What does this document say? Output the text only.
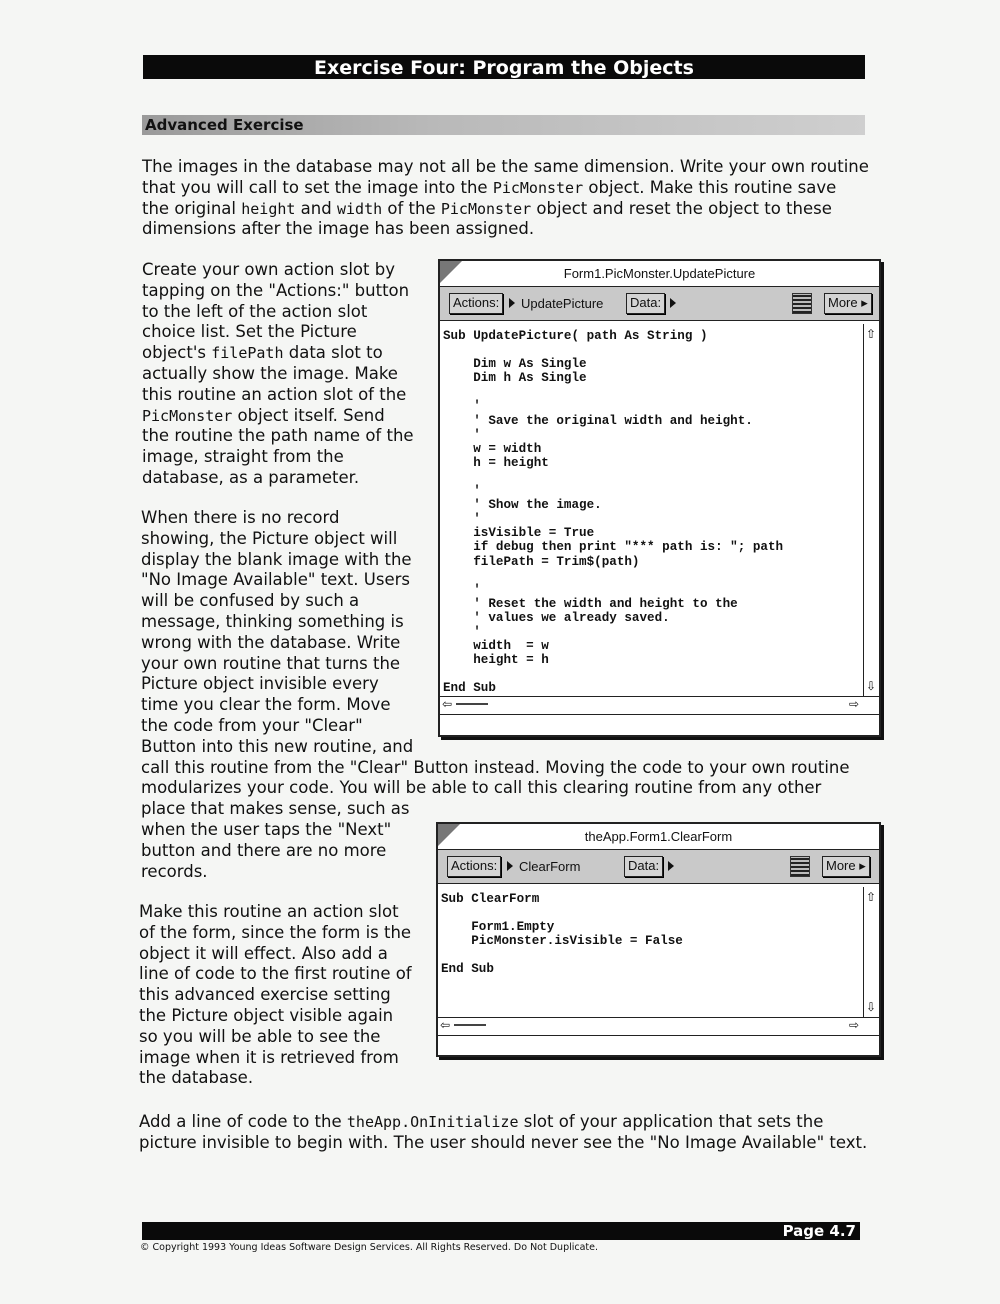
Exercise Four: Program the Objects
Advanced Exercise
The images in the database may not all be the same dimension. Write your own routine
that you will call to set the image into the PicMonster object. Make this routine save
the original height and width of the PicMonster object and reset the object to these
dimensions after the image has been assigned.
Create your own action slot by
tapping on the "Actions:" button
to the left of the action slot
choice list. Set the Picture
object's filePath data slot to
actually show the image. Make
this routine an action slot of the
PicMonster object itself. Send
the routine the path name of the
image, straight from the
database, as a parameter.
When there is no record
showing, the Picture object will
display the blank image with the
"No Image Available" text. Users
will be confused by such a
message, thinking something is
wrong with the database. Write
your own routine that turns the
Picture object invisible every
time you clear the form. Move
the code from your "Clear"
Button into this new routine, and
call this routine from the "Clear" Button instead. Moving the code to your own routine
modularizes your code. You will be able to call this clearing routine from any other
place that makes sense, such as
when the user taps the "Next"
button and there are no more
records.
Make this routine an action slot
of the form, since the form is the
object it will effect. Also add a
line of code to the first routine of
this advanced exercise setting
the Picture object visible again
so you will be able to see the
image when it is retrieved from
the database.
Add a line of code to the theApp.OnInitialize slot of your application that sets the
picture invisible to begin with. The user should never see the "No Image Available" text.
Form1.PicMonster.UpdatePicture
Actions:	UpdatePicture	Data:	More ▸
Sub UpdatePicture( path As String )

Dim w As Single
Dim h As Single

'
' Save the original width and height.
'
w = width
h = height

'
' Show the image.
'
isVisible = True
if debug then print "*** path is: "; path
filePath = Trim$(path)

'
' Reset the width and height to the
' values we already saved.
'
width  = w
height = h

End Sub
⇧
⇩
⇦	⇨
theApp.Form1.ClearForm
Actions:	ClearForm	Data:	More ▸
Sub ClearForm

Form1.Empty
PicMonster.isVisible = False

End Sub
⇧
⇩
⇦	⇨
Page 4.7
© Copyright 1993 Young Ideas Software Design Services. All Rights Reserved. Do Not Duplicate.
